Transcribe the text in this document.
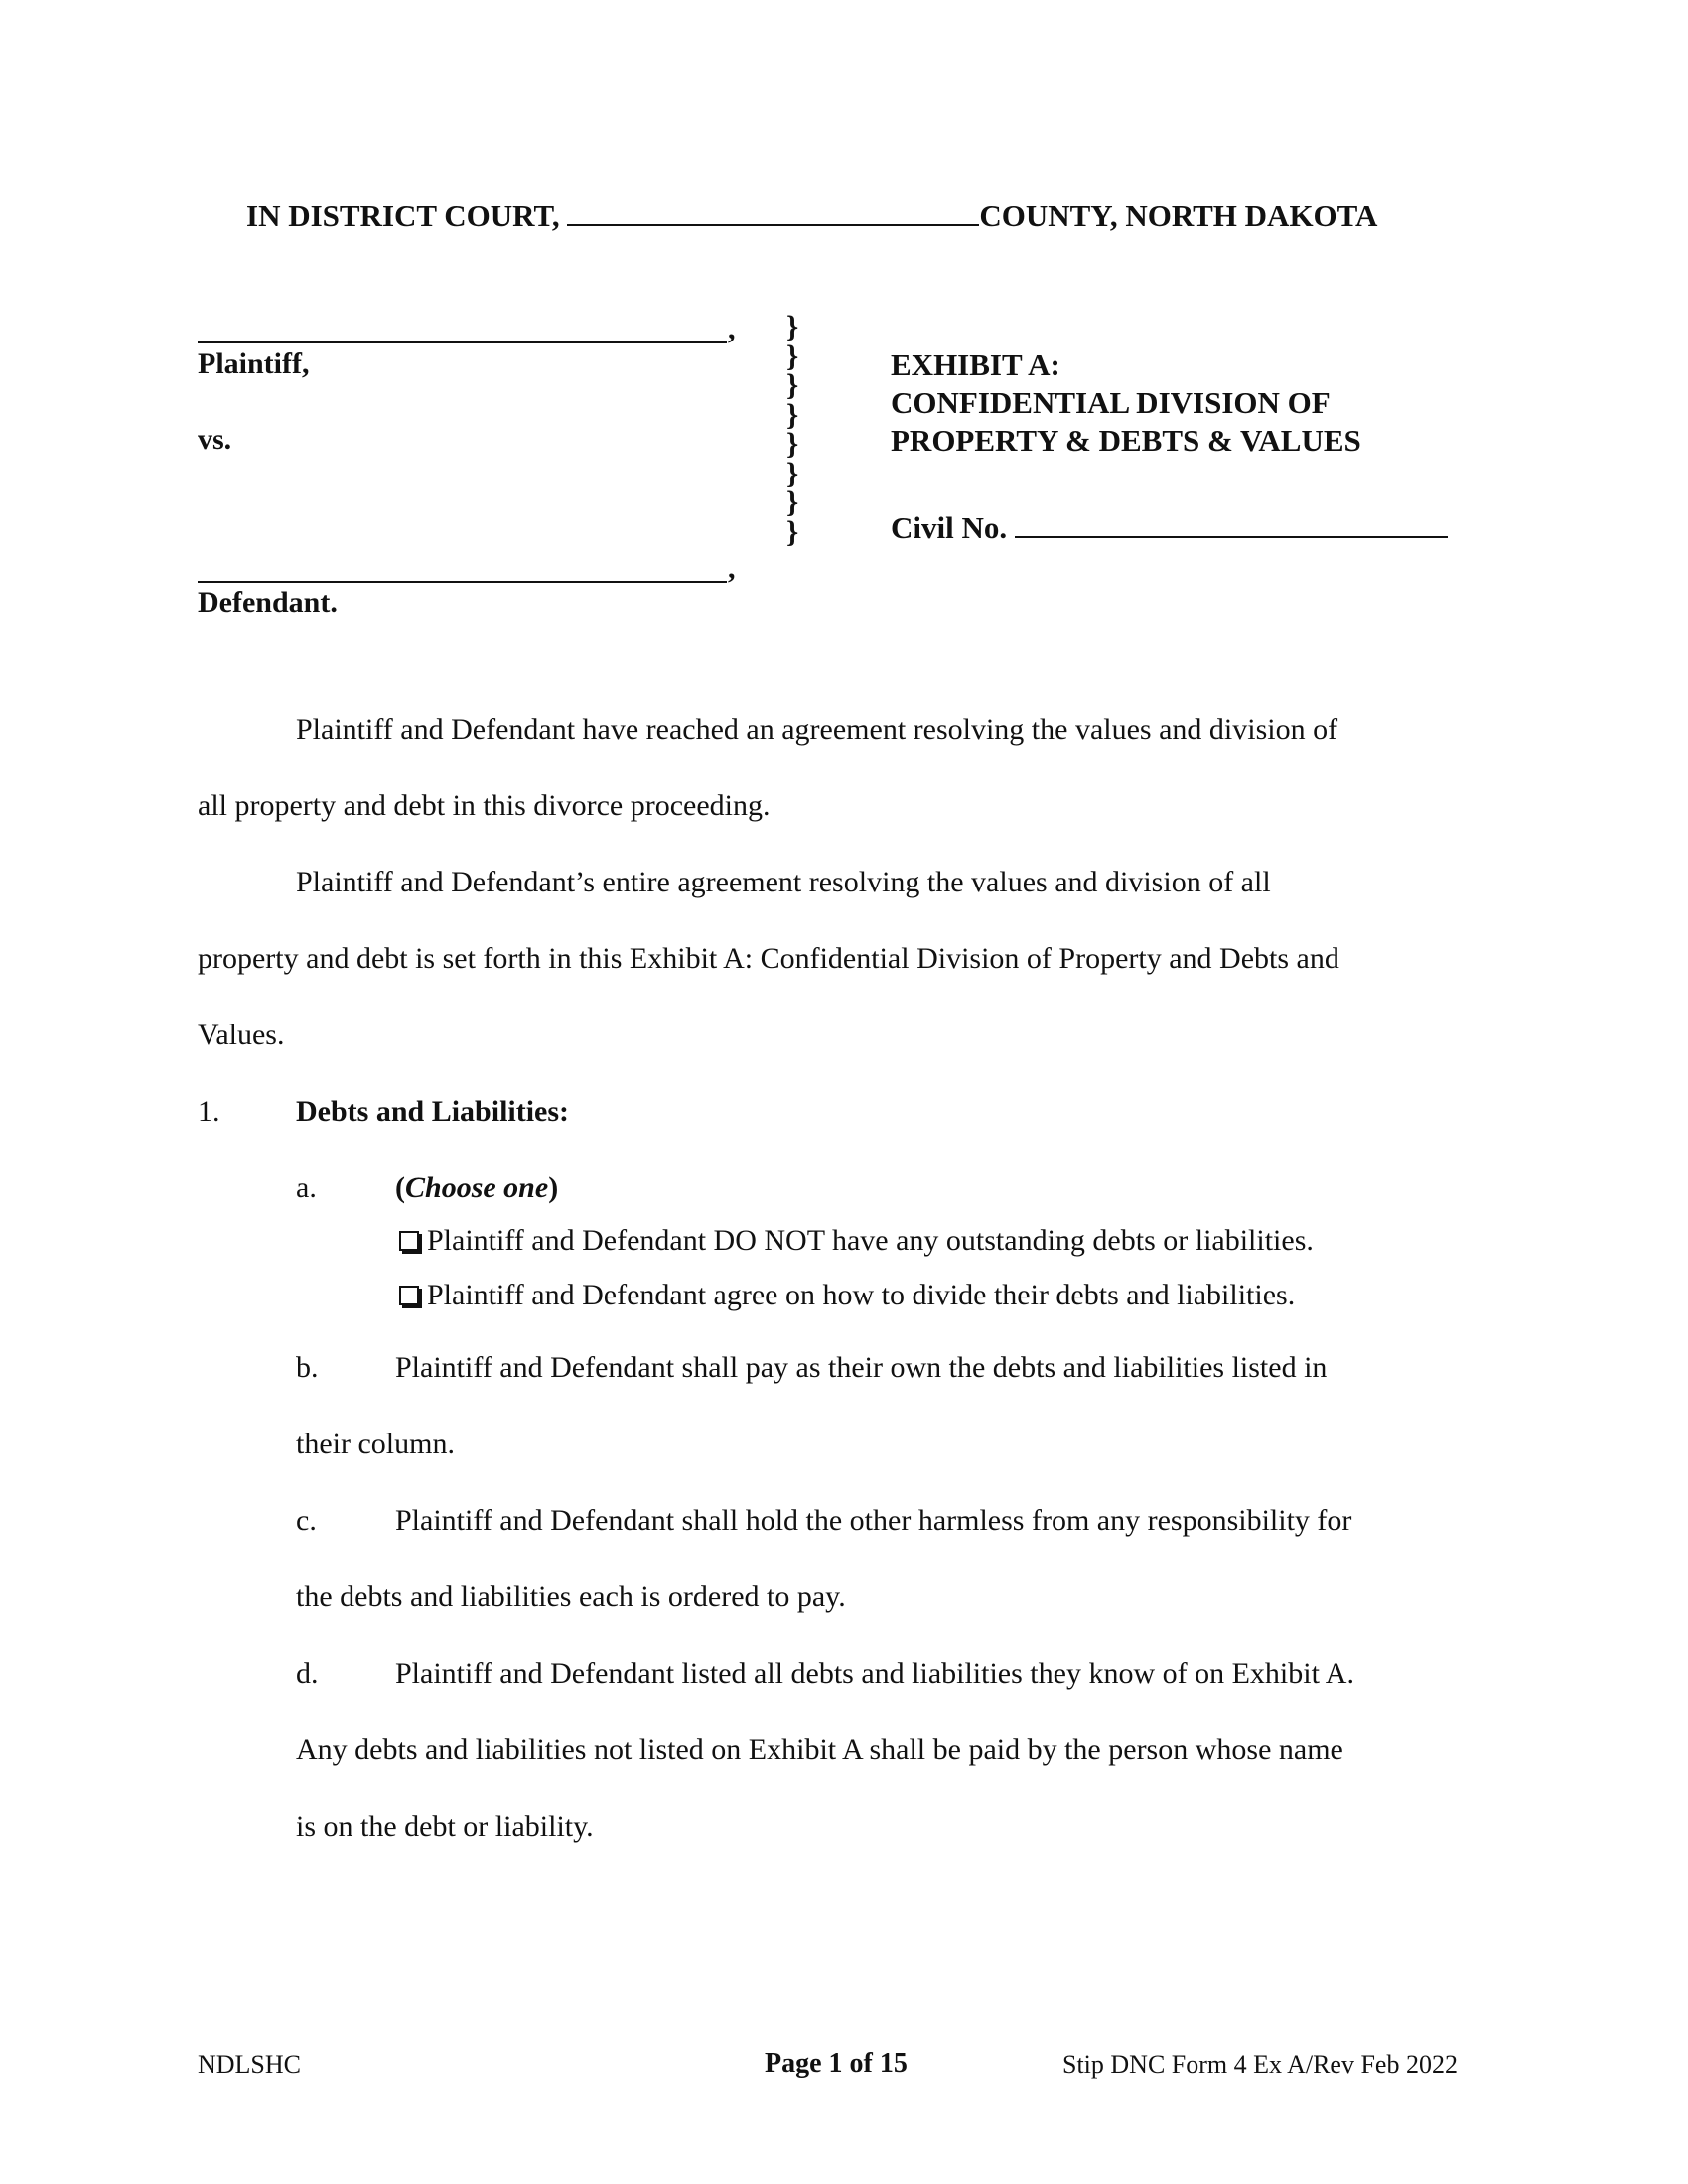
IN DISTRICT COURT,	COUNTY, NORTH DAKOTA
,
Plaintiff,
vs.
,
Defendant.
}
}
}
}
}
}
}
}
EXHIBIT A:
CONFIDENTIAL DIVISION OF
PROPERTY & DEBTS & VALUES
Civil No.
Plaintiff and Defendant have reached an agreement resolving the values and division of
all property and debt in this divorce proceeding.
Plaintiff and Defendant’s entire agreement resolving the values and division of all
property and debt is set forth in this Exhibit A: Confidential Division of Property and Debts and
Values.
1.	Debts and Liabilities:
a.	(Choose one)
Plaintiff and Defendant DO NOT have any outstanding debts or liabilities.
Plaintiff and Defendant agree on how to divide their debts and liabilities.
b.	Plaintiff and Defendant shall pay as their own the debts and liabilities listed in
their column.
c.	Plaintiff and Defendant shall hold the other harmless from any responsibility for
the debts and liabilities each is ordered to pay.
d.	Plaintiff and Defendant listed all debts and liabilities they know of on Exhibit A.
Any debts and liabilities not listed on Exhibit A shall be paid by the person whose name
is on the debt or liability.
NDLSHC	Page 1 of 15	Stip DNC Form 4 Ex A/Rev Feb 2022
